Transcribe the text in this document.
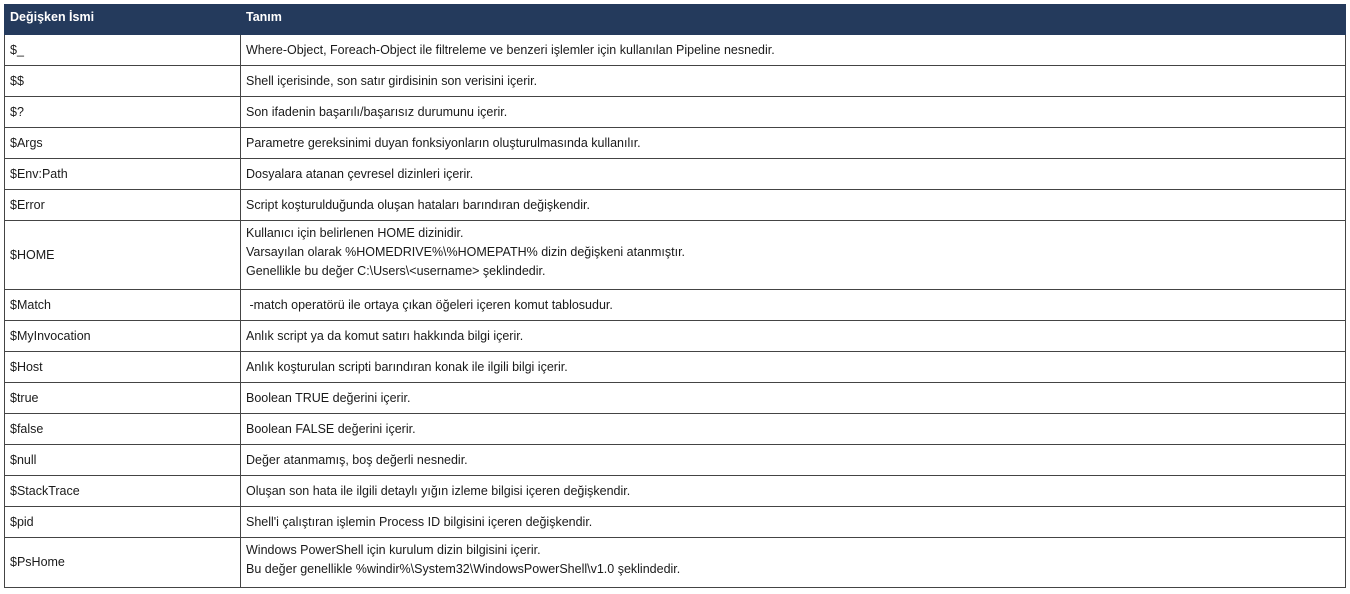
Değişken İsmi	Tanım
$_	Where-Object, Foreach-Object ile filtreleme ve benzeri işlemler için kullanılan Pipeline nesnedir.

$$	Shell içerisinde, son satır girdisinin son verisini içerir.

$?	Son ifadenin başarılı/başarısız durumunu içerir.

$Args	Parametre gereksinimi duyan fonksiyonların oluşturulmasında kullanılır.

$Env:Path	Dosyalara atanan çevresel dizinleri içerir.

$Error	Script koşturulduğunda oluşan hataları barındıran değişkendir.

$HOME	Kullanıcı için belirlenen HOME dizinidir.
Varsayılan olarak %HOMEDRIVE%\%HOMEPATH% dizin değişkeni atanmıştır.
Genellikle bu değer C:\Users\<username> şeklindedir.

$Match	-match operatörü ile ortaya çıkan öğeleri içeren komut tablosudur.

$MyInvocation	Anlık script ya da komut satırı hakkında bilgi içerir.

$Host	Anlık koşturulan scripti barındıran konak ile ilgili bilgi içerir.

$true	Boolean TRUE değerini içerir.

$false	Boolean FALSE değerini içerir.

$null	Değer atanmamış, boş değerli nesnedir.

$StackTrace	Oluşan son hata ile ilgili detaylı yığın izleme bilgisi içeren değişkendir.

$pid	Shell'i çalıştıran işlemin Process ID bilgisini içeren değişkendir.

$PsHome	Windows PowerShell için kurulum dizin bilgisini içerir.
Bu değer genellikle %windir%\System32\WindowsPowerShell\v1.0 şeklindedir.
